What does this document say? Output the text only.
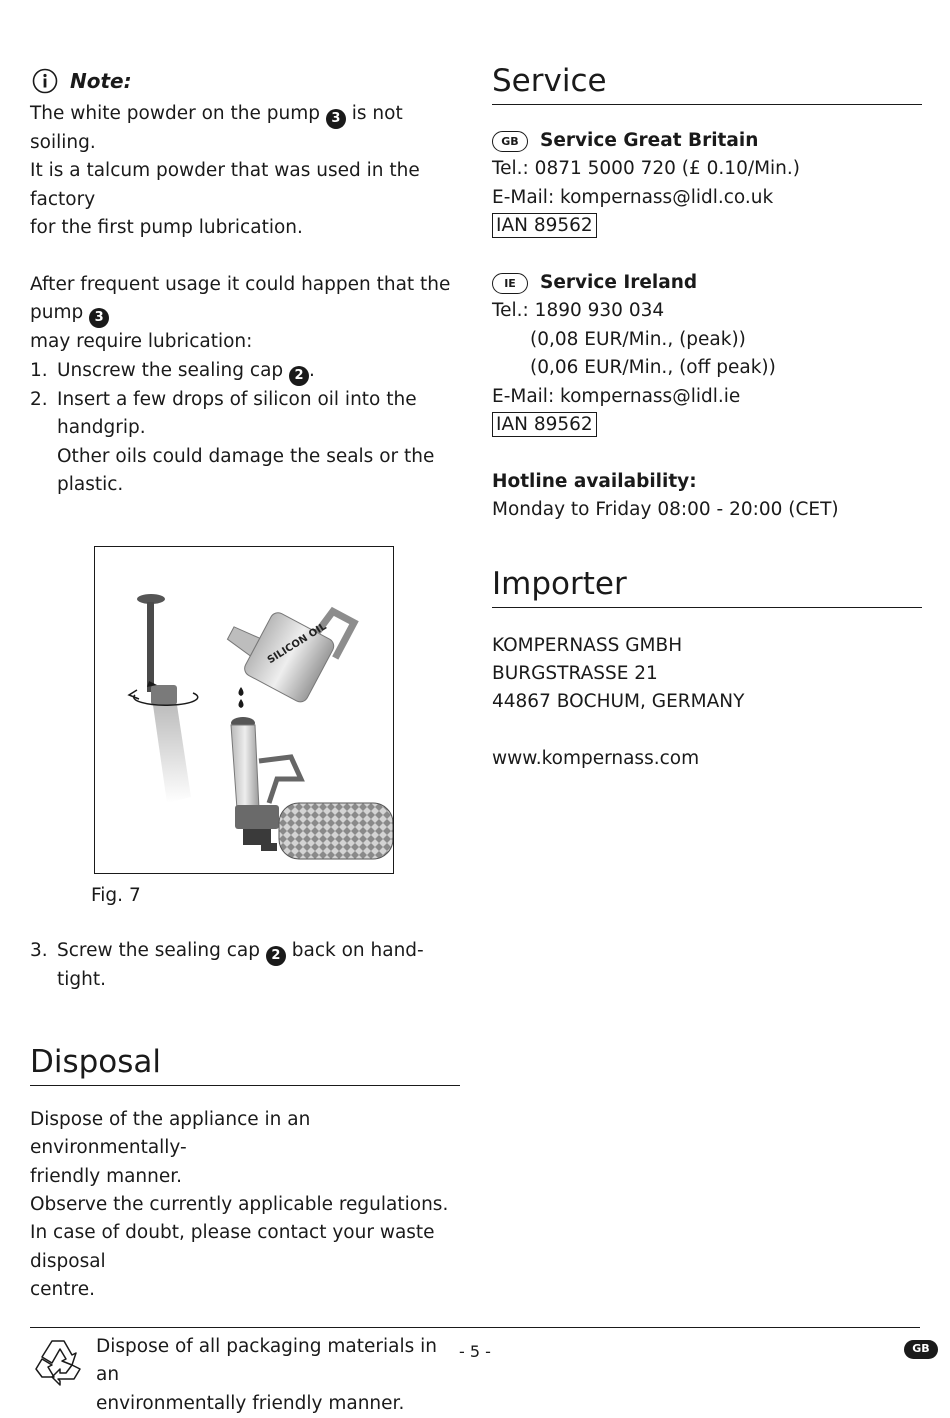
Note:

The white powder on the pump 3 is not soiling.

It is a talcum powder that was used in the factory

for the first pump lubrication.

After frequent usage it could happen that the pump 3

may require lubrication:

1. Unscrew the sealing cap 2 .
2. Insert a few drops of silicon oil into the handgrip.
Other oils could damage the seals or the plastic.
SILICON OIL

Fig. 7

3. Screw the sealing cap 2 back on hand-tight.
Disposal

Dispose of the appliance in an environmentally-

friendly manner.

Observe the currently applicable regulations.

In case of doubt, please contact your waste disposal

centre.

Dispose of all packaging materials in an

environmentally friendly manner.

Service
GB	Service Great Britain

Tel.: 0871 5000 720 (£ 0.10/Min.)

E-Mail: kompernass@lidl.co.uk

IAN 89562

IE	Service Ireland

Tel.: 1890 930 034

(0,08 EUR/Min., (peak))

(0,06 EUR/Min., (off peak))

E-Mail: kompernass@lidl.ie

IAN 89562

Hotline availability:

Monday to Friday 08:00 - 20:00 (CET)

Importer

KOMPERNASS GMBH

BURGSTRASSE 21

44867 BOCHUM, GERMANY

www.kompernass.com

- 5 -	GB
